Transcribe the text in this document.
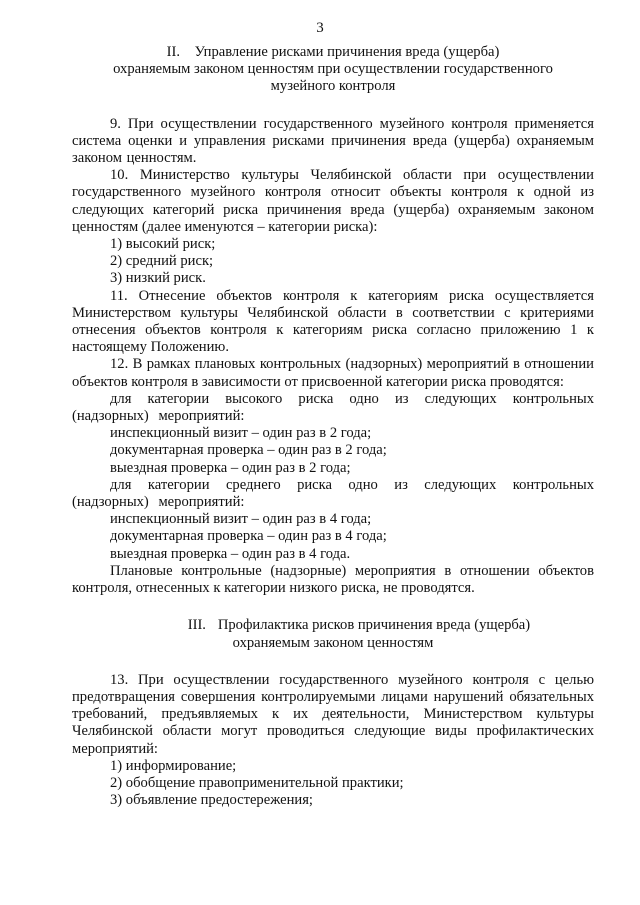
3

II.    Управление рисками причинения вреда (ущерба)

охраняемым законом ценностям при осуществлении государственного

музейного контроля

9. При осуществлении государственного музейного контроля применяется система оценки и управления рисками причинения вреда (ущерба) охраняемым законом ценностям.

10. Министерство культуры Челябинской области при осуществлении государственного музейного контроля относит объекты контроля к одной из следующих категорий риска причинения вреда (ущерба) охраняемым законом ценностям (далее именуются – категории риска):

1) высокий риск;

2) средний риск;

3) низкий риск.

11. Отнесение объектов контроля к категориям риска осуществляется Министерством культуры Челябинской области в соответствии с критериями отнесения объектов контроля к категориям риска согласно приложению 1 к настоящему Положению.

12. В рамках плановых контрольных (надзорных) мероприятий в отношении объектов контроля в зависимости от присвоенной категории риска проводятся:

для категории высокого риска одно из следующих контрольных (надзорных) мероприятий:

инспекционный визит – один раз в 2 года;

документарная проверка – один раз в 2 года;

выездная проверка – один раз в 2 года;

для категории среднего риска одно из следующих контрольных (надзорных) мероприятий:

инспекционный визит – один раз в 4 года;

документарная проверка – один раз в 4 года;

выездная проверка – один раз в 4 года.

Плановые контрольные (надзорные) мероприятия в отношении объектов контроля, отнесенных к категории низкого риска, не проводятся.

III. Профилактика рисков причинения вреда (ущерба)

охраняемым законом ценностям

13. При осуществлении государственного музейного контроля с целью предотвращения совершения контролируемыми лицами нарушений обязательных требований, предъявляемых к их деятельности, Министерством культуры Челябинской области могут проводиться следующие виды профилактических мероприятий:

1) информирование;

2) обобщение правоприменительной практики;

3) объявление предостережения;
